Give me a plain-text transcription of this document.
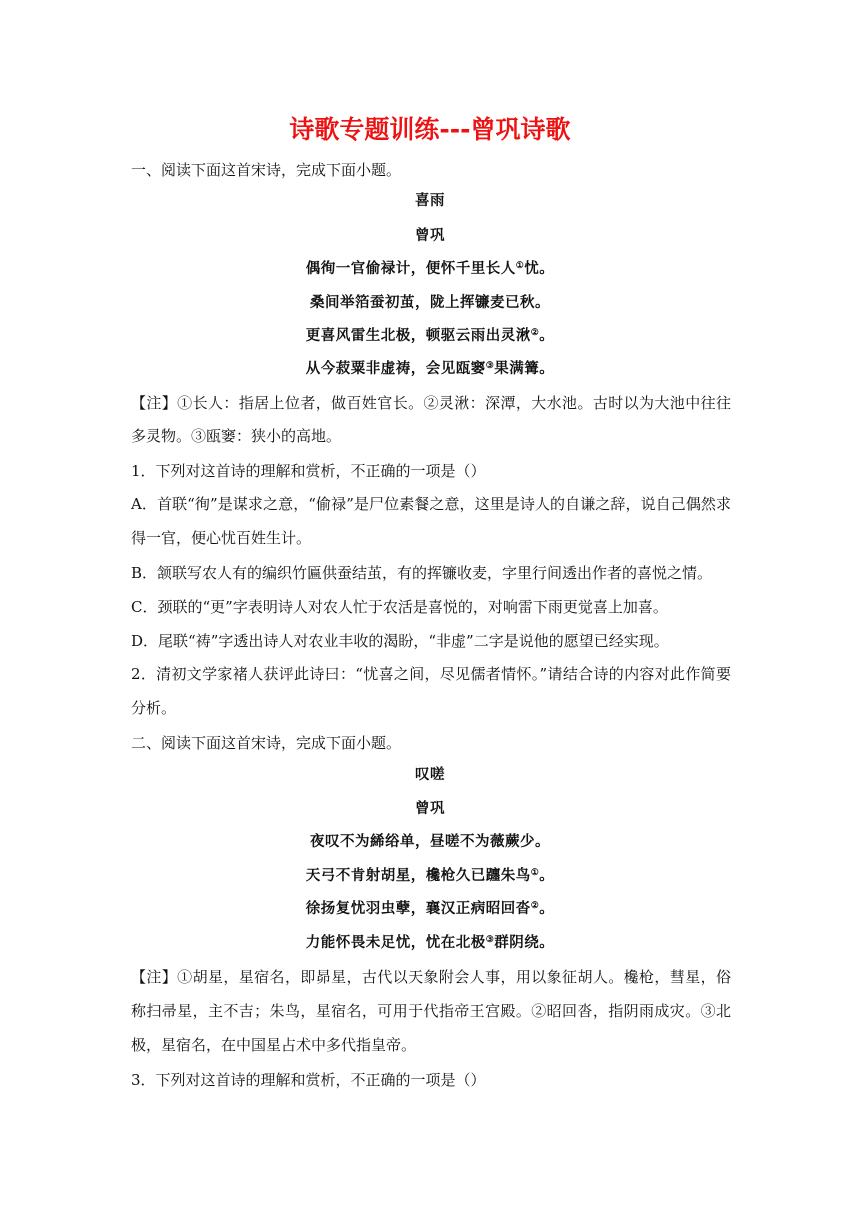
诗歌专题训练---曾巩诗歌
一、阅读下面这首宋诗，完成下面小题。
喜雨
曾巩
偶徇一官偷禄计，便怀千里长人①忧。
桑间举箔蚕初茧，陇上挥镰麦已秋。
更喜风雷生北极，顿驱云雨出灵湫②。
从今菽粟非虚祷，会见瓯窭③果满篝。
【注】①长人：指居上位者，做百姓官长。②灵湫：深潭，大水池。古时以为大池中往往
多灵物。③瓯窭：狭小的高地。
1．下列对这首诗的理解和赏析，不正确的一项是（）
A．首联“徇”是谋求之意，“偷禄”是尸位素餐之意，这里是诗人的自谦之辞，说自己偶然求
得一官，便心忧百姓生计。
B．颔联写农人有的编织竹匾供蚕结茧，有的挥镰收麦，字里行间透出作者的喜悦之情。
C．颈联的“更”字表明诗人对农人忙于农活是喜悦的，对响雷下雨更觉喜上加喜。
D．尾联“祷”字透出诗人对农业丰收的渴盼，“非虚”二字是说他的愿望已经实现。
2．清初文学家褚人获评此诗曰：“忧喜之间，尽见儒者情怀。”请结合诗的内容对此作简要
分析。
二、阅读下面这首宋诗，完成下面小题。
叹嗟
曾巩
夜叹不为絺绤单，昼嗟不为薇蕨少。
天弓不肯射胡星，欃枪久已躔朱鸟①。
徐扬复忧羽虫孽，襄汉正病昭回沓②。
力能怀畏未足忧，忧在北极③群阴绕。
【注】①胡星，星宿名，即昴星，古代以天象附会人事，用以象征胡人。欃枪，彗星，俗
称扫帚星，主不吉；朱鸟，星宿名，可用于代指帝王宫殿。②昭回沓，指阴雨成灾。③北
极，星宿名，在中国星占术中多代指皇帝。
3．下列对这首诗的理解和赏析，不正确的一项是（）
